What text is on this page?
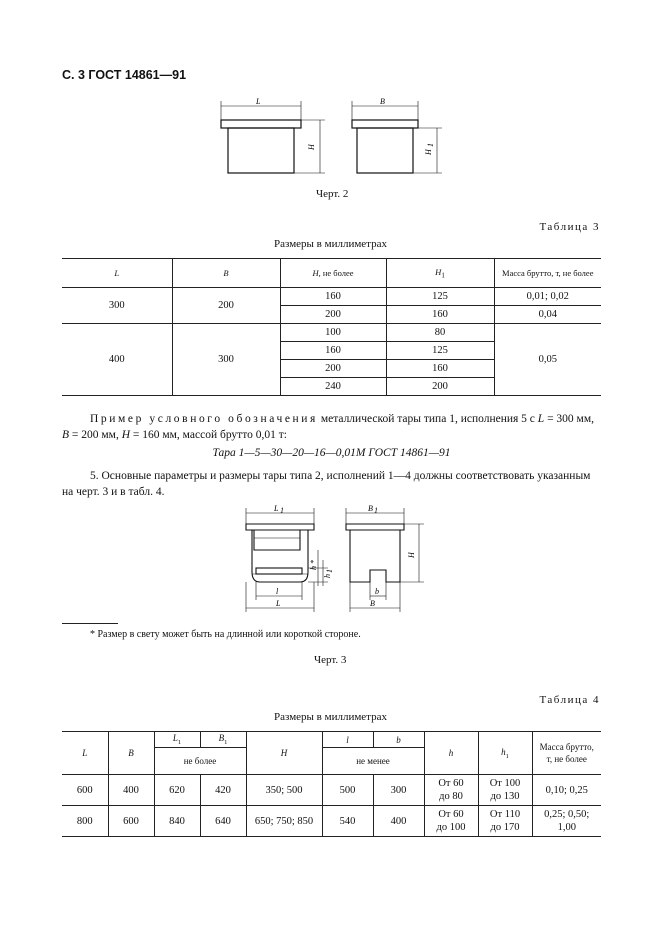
С. 3 ГОСТ 14861—91
L	B
H
H
1
Черт. 2
Таблица 3
Размеры в миллиметрах
L	B	H, не более	$H_1$	Масса брутто, т, не более
300	200	160	125	0,01; 0,02
		200	160	0,04
400	300	100	80	0,05
		160	125	
		200	160	
		240	200	
Пример условного обозначения металлической тары типа 1, исполнения 5 с L = 300 мм, B = 200 мм, H = 160 мм, массой брутто 0,01 т:
Тара 1—5—30—20—16—0,01М ГОСТ 14861—91
5. Основные параметры и размеры тары типа 2, исполнений 1—4 должны соответствовать указанным на черт. 3 и в табл. 4.
L 1
l
L
h
*
h
1
B 1
b
B
H
* Размер в свету может быть на длинной или короткой стороне.
Черт. 3
Таблица 4
Размеры в миллиметрах
L	B	$L_1$	$B_1$	H	l	b	h	$h_1$	Масса брутто, т, не более
		не более			не менее				
600	400	620	420	350; 500	500	300	От 60 до 80	От 100 до 130	0,10; 0,25
800	600	840	640	650; 750; 850	540	400	От 60 до 100	От 110 до 170	0,25; 0,50; 1,00
